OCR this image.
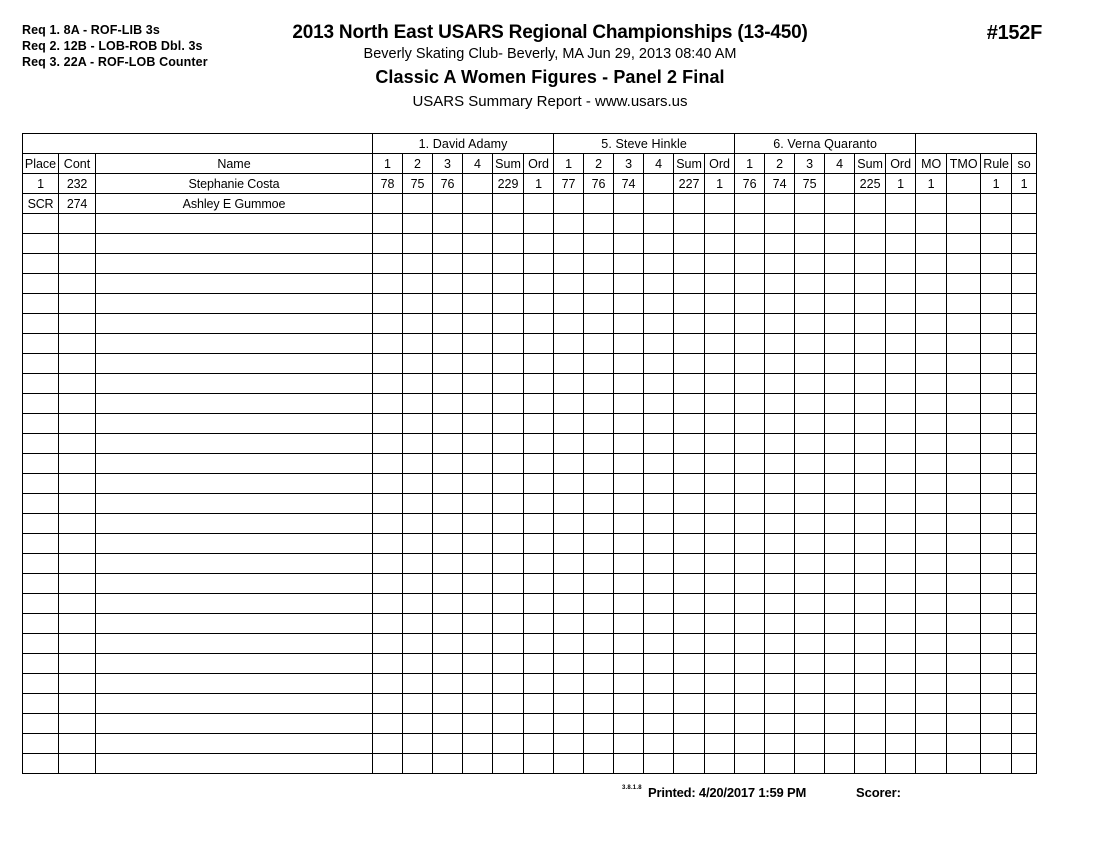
Req 1. 8A - ROF-LIB 3s
Req 2. 12B - LOB-ROB Dbl. 3s
Req 3. 22A - ROF-LOB Counter
2013 North East USARS Regional Championships (13-450)
Beverly Skating Club- Beverly, MA Jun 29, 2013 08:40 AM
Classic A Women Figures - Panel 2 Final
USARS Summary Report - www.usars.us
#152F
			1. David Adamy						5. Steve Hinkle						6. Verna Quaranto									
Place	Cont	Name	1	2	3	4	Sum	Ord	1	2	3	4	Sum	Ord	1	2	3	4	Sum	Ord	MO	TMO	Rule	so
1	232	Stephanie Costa	78	75	76		229	1	77	76	74		227	1	76	74	75		225	1	1		1	1
SCR	274	Ashley E Gummoe																						

3.8.1.8 Printed: 4/20/2017 1:59 PM	Scorer:
